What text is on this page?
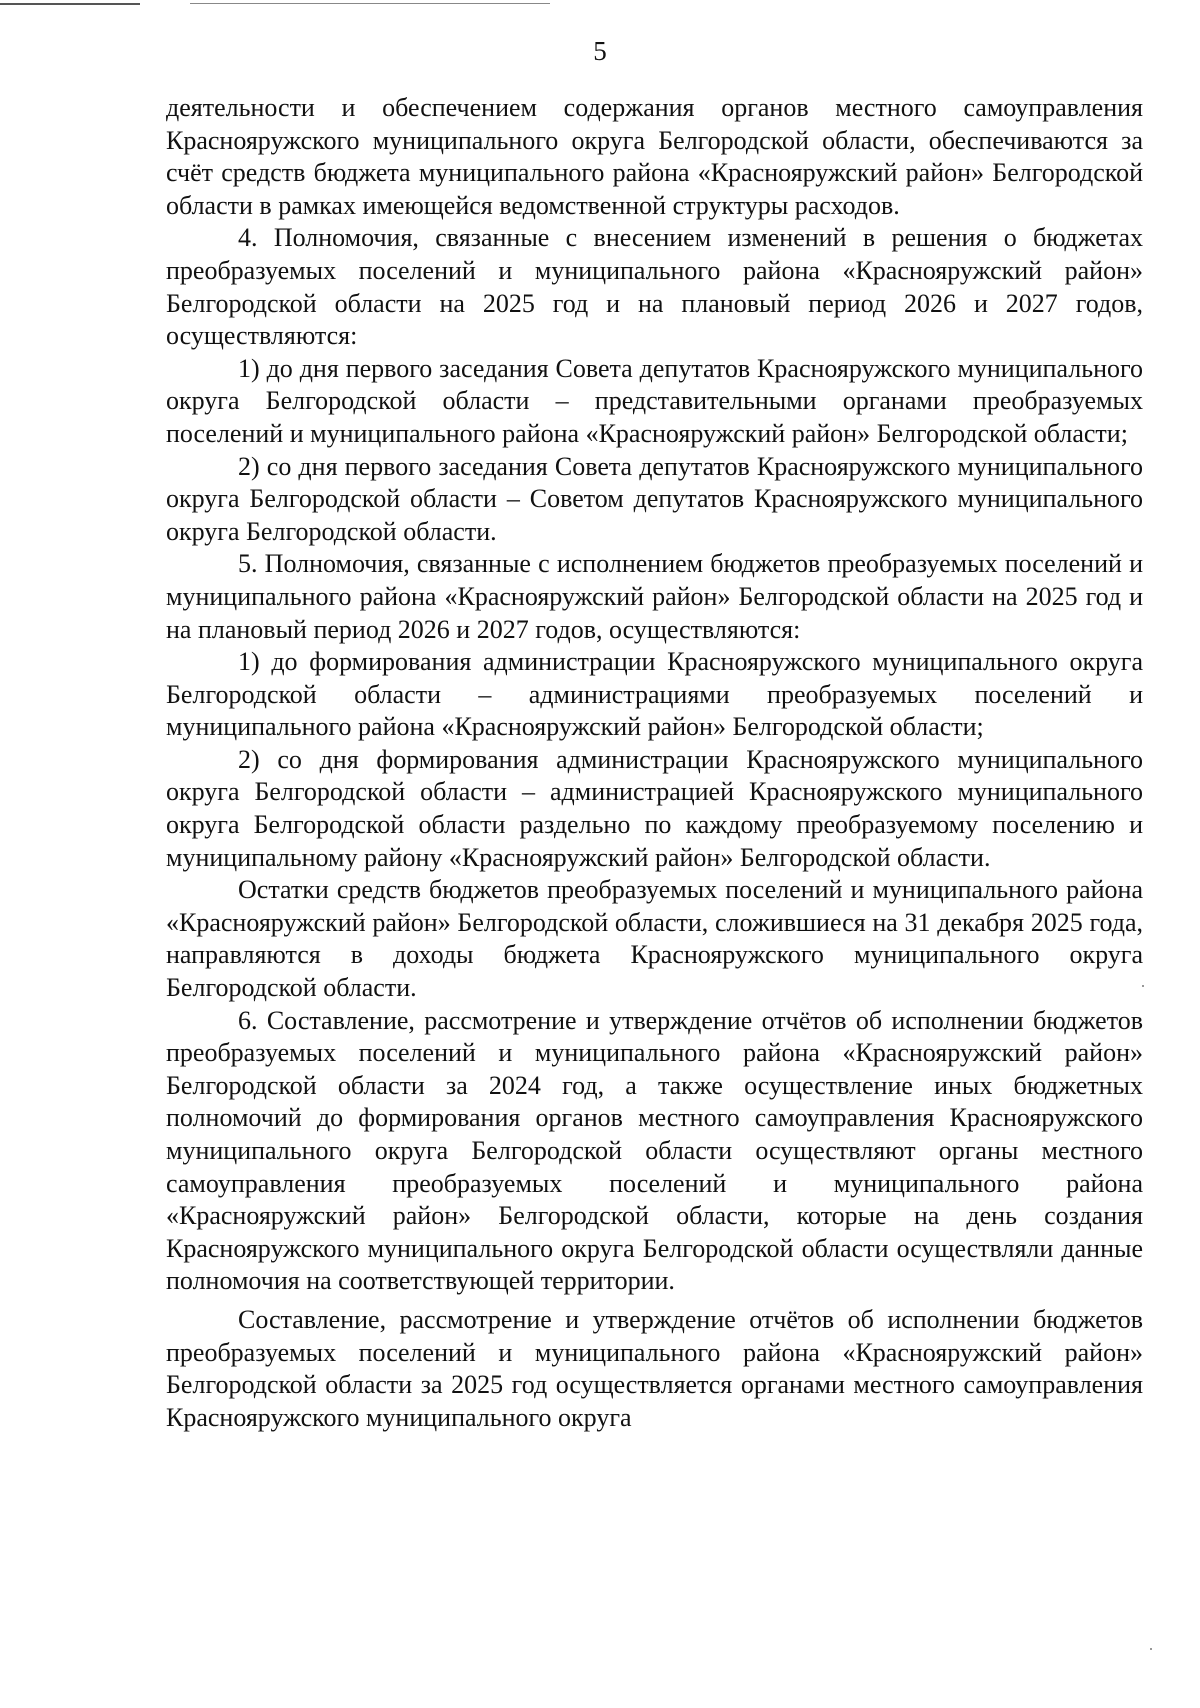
5

деятельности и обеспечением содержания органов местного самоуправления Краснояружского муниципального округа Белгородской области, обеспечиваются за счёт средств бюджета муниципального района «Краснояружский район» Белгородской области в рамках имеющейся ведомственной структуры расходов.

4. Полномочия, связанные с внесением изменений в решения о бюджетах преобразуемых поселений и муниципального района «Краснояружский район» Белгородской области на 2025 год и на плановый период 2026 и 2027 годов, осуществляются:

1) до дня первого заседания Совета депутатов Краснояружского муниципального округа Белгородской области – представительными органами преобразуемых поселений и муниципального района «Краснояружский район» Белгородской области;

2) со дня первого заседания Совета депутатов Краснояружского муниципального округа Белгородской области – Советом депутатов Краснояружского муниципального округа Белгородской области.

5. Полномочия, связанные с исполнением бюджетов преобразуемых поселений и муниципального района «Краснояружский район» Белгородской области на 2025 год и на плановый период 2026 и 2027 годов, осуществляются:

1) до формирования администрации Краснояружского муниципального округа Белгородской области – администрациями преобразуемых поселений и муниципального района «Краснояружский район» Белгородской области;

2) со дня формирования администрации Краснояружского муниципального округа Белгородской области – администрацией Краснояружского муниципального округа Белгородской области раздельно по каждому преобразуемому поселению и муниципальному району «Краснояружский район» Белгородской области.

Остатки средств бюджетов преобразуемых поселений и муниципального района «Краснояружский район» Белгородской области, сложившиеся на 31 декабря 2025 года, направляются в доходы бюджета Краснояружского муниципального округа Белгородской области.

6. Составление, рассмотрение и утверждение отчётов об исполнении бюджетов преобразуемых поселений и муниципального района «Краснояружский район» Белгородской области за 2024 год, а также осуществление иных бюджетных полномочий до формирования органов местного самоуправления Краснояружского муниципального округа Белгородской области осуществляют органы местного самоуправления преобразуемых поселений и муниципального района «Краснояружский район» Белгородской области, которые на день создания Краснояружского муниципального округа Белгородской области осуществляли данные полномочия на соответствующей территории.

Составление, рассмотрение и утверждение отчётов об исполнении бюджетов преобразуемых поселений и муниципального района «Краснояружский район» Белгородской области за 2025 год осуществляется органами местного самоуправления Краснояружского муниципального округа
